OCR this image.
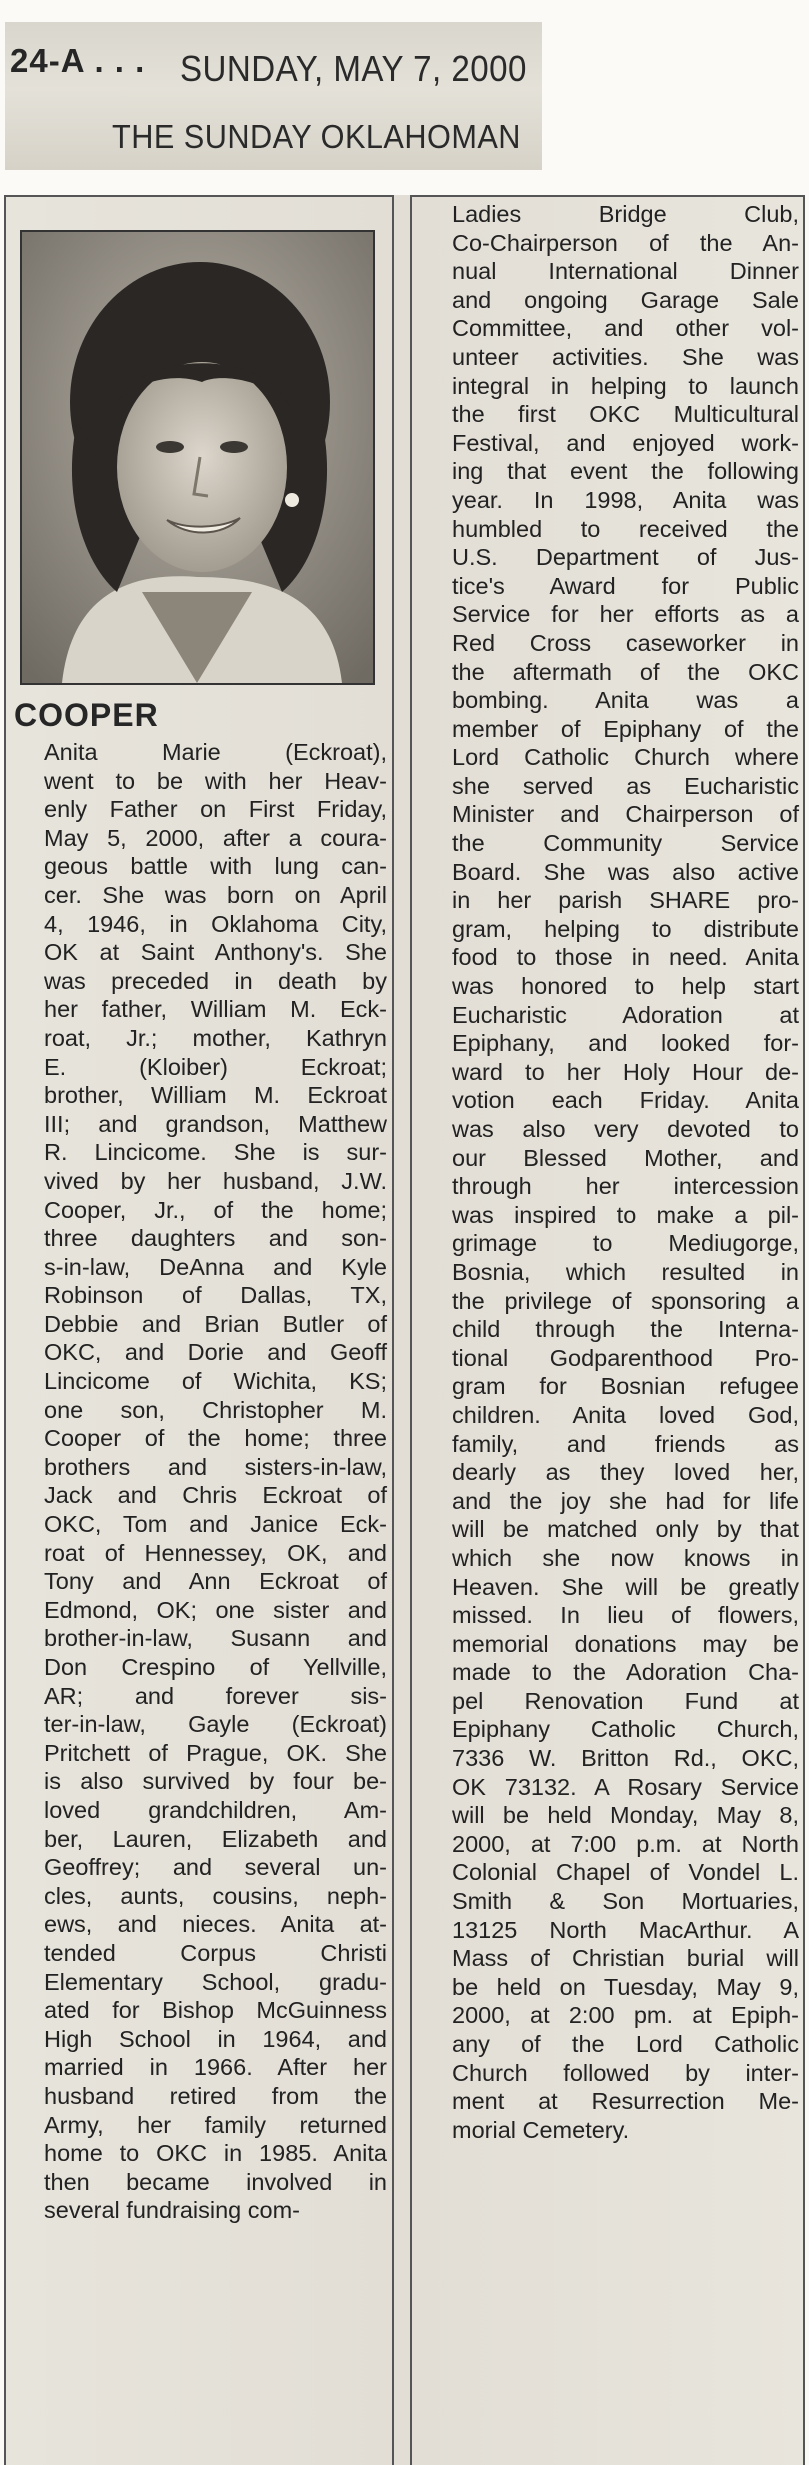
24-A . . . SUNDAY, MAY 7, 2000
THE SUNDAY OKLAHOMAN
COOPER
Anita Marie (Eckroat),
went to be with her Heav-
enly Father on First Friday,
May 5, 2000, after a coura-
geous battle with lung can-
cer. She was born on April
4, 1946, in Oklahoma City,
OK at Saint Anthony's. She
was preceded in death by
her father, William M. Eck-
roat, Jr.; mother, Kathryn
E. (Kloiber) Eckroat;
brother, William M. Eckroat
III; and grandson, Matthew
R. Lincicome. She is sur-
vived by her husband, J.W.
Cooper, Jr., of the home;
three daughters and son-
s-in-law, DeAnna and Kyle
Robinson of Dallas, TX,
Debbie and Brian Butler of
OKC, and Dorie and Geoff
Lincicome of Wichita, KS;
one son, Christopher M.
Cooper of the home; three
brothers and sisters-in-law,
Jack and Chris Eckroat of
OKC, Tom and Janice Eck-
roat of Hennessey, OK, and
Tony and Ann Eckroat of
Edmond, OK; one sister and
brother-in-law, Susann and
Don Crespino of Yellville,
AR; and forever sis-
ter-in-law, Gayle (Eckroat)
Pritchett of Prague, OK. She
is also survived by four be-
loved grandchildren, Am-
ber, Lauren, Elizabeth and
Geoffrey; and several un-
cles, aunts, cousins, neph-
ews, and nieces. Anita at-
tended Corpus Christi
Elementary School, gradu-
ated for Bishop McGuinness
High School in 1964, and
married in 1966. After her
husband retired from the
Army, her family returned
home to OKC in 1985. Anita
then became involved in
several fundraising com-
Ladies Bridge Club,
Co-Chairperson of the An-
nual International Dinner
and ongoing Garage Sale
Committee, and other vol-
unteer activities. She was
integral in helping to launch
the first OKC Multicultural
Festival, and enjoyed work-
ing that event the following
year. In 1998, Anita was
humbled to received the
U.S. Department of Jus-
tice's Award for Public
Service for her efforts as a
Red Cross caseworker in
the aftermath of the OKC
bombing. Anita was a
member of Epiphany of the
Lord Catholic Church where
she served as Eucharistic
Minister and Chairperson of
the Community Service
Board. She was also active
in her parish SHARE pro-
gram, helping to distribute
food to those in need. Anita
was honored to help start
Eucharistic Adoration at
Epiphany, and looked for-
ward to her Holy Hour de-
votion each Friday. Anita
was also very devoted to
our Blessed Mother, and
through her intercession
was inspired to make a pil-
grimage to Mediugorge,
Bosnia, which resulted in
the privilege of sponsoring a
child through the Interna-
tional Godparenthood Pro-
gram for Bosnian refugee
children. Anita loved God,
family, and friends as
dearly as they loved her,
and the joy she had for life
will be matched only by that
which she now knows in
Heaven. She will be greatly
missed. In lieu of flowers,
memorial donations may be
made to the Adoration Cha-
pel Renovation Fund at
Epiphany Catholic Church,
7336 W. Britton Rd., OKC,
OK 73132. A Rosary Service
will be held Monday, May 8,
2000, at 7:00 p.m. at North
Colonial Chapel of Vondel L.
Smith & Son Mortuaries,
13125 North MacArthur. A
Mass of Christian burial will
be held on Tuesday, May 9,
2000, at 2:00 pm. at Epiph-
any of the Lord Catholic
Church followed by inter-
ment at Resurrection Me-
morial Cemetery.
